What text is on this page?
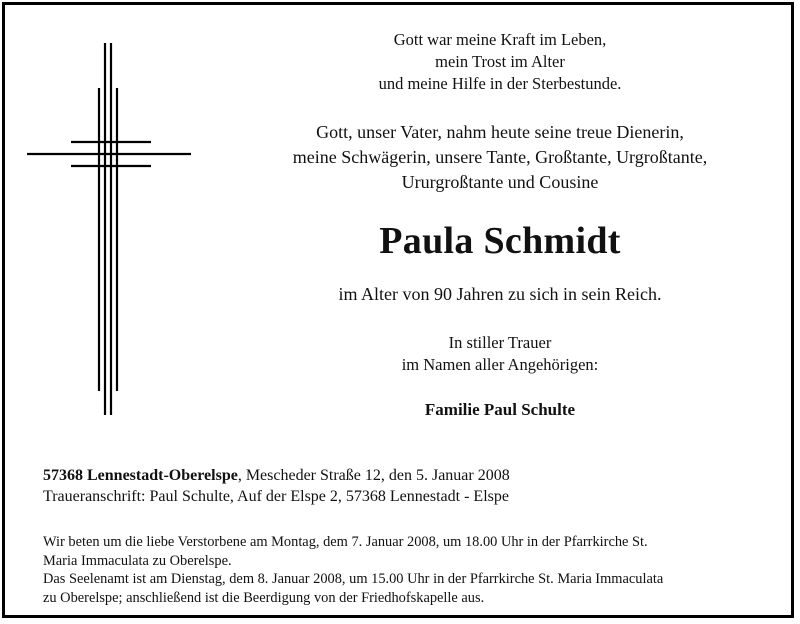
Gott war meine Kraft im Leben,
mein Trost im Alter
und meine Hilfe in der Sterbestunde.
Gott, unser Vater, nahm heute seine treue Dienerin,
meine Schwägerin, unsere Tante, Großtante, Urgroßtante,
Ururgroßtante und Cousine
Paula Schmidt
im Alter von 90 Jahren zu sich in sein Reich.
In stiller Trauer
im Namen aller Angehörigen:
Familie Paul Schulte
57368 Lennestadt-Oberelspe, Mescheder Straße 12, den 5. Januar 2008
Traueranschrift: Paul Schulte, Auf der Elspe 2, 57368 Lennestadt - Elspe
Wir beten um die liebe Verstorbene am Montag, dem 7. Januar 2008, um 18.00 Uhr in der Pfarrkirche St.
Maria Immaculata zu Oberelspe.
Das Seelenamt ist am Dienstag, dem 8. Januar 2008, um 15.00 Uhr in der Pfarrkirche St. Maria Immaculata
zu Oberelspe; anschließend ist die Beerdigung von der Friedhofskapelle aus.
